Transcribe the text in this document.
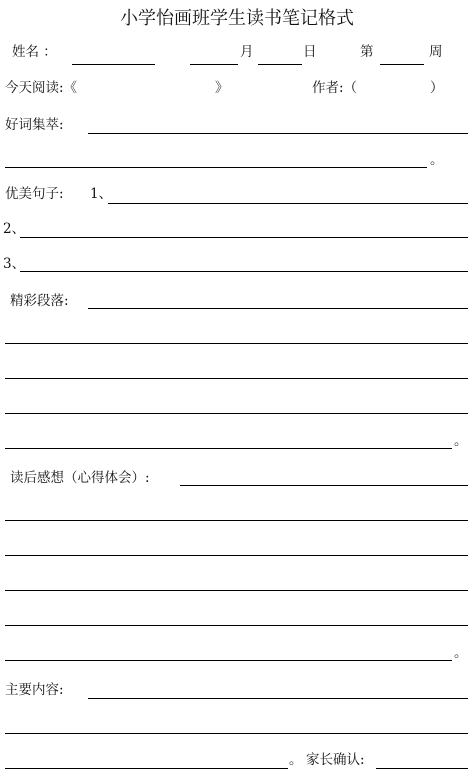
小学怡画班学生读书笔记格式
姓名 ：	月	日	第	周
今天阅读:《	》	作者:（	）
好词集萃:
。
优美句子: 1、
2、
3、
精彩段落:
。
读后感想（心得体会）:
。
主要内容:
。 家长确认:
